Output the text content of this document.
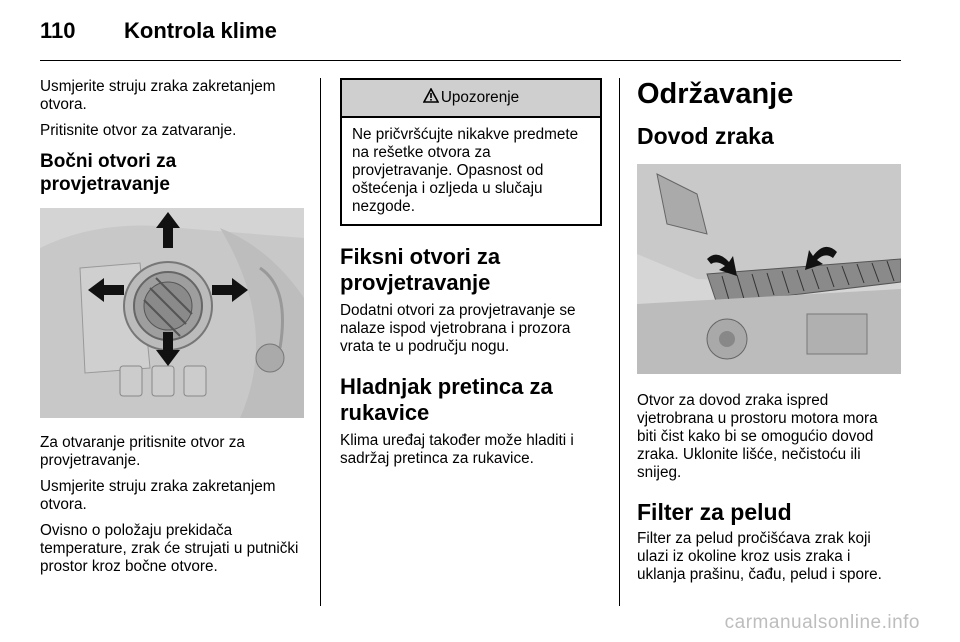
110 Kontrola klime

Usmjerite struju zraka zakretanjem otvora.

Pritisnite otvor za zatvaranje.

Bočni otvori za provjetravanje

Za otvaranje pritisnite otvor za provjetravanje.

Usmjerite struju zraka zakretanjem otvora.

Ovisno o položaju prekidača temperature, zrak će strujati u putnički prostor kroz bočne otvore.

Upozorenje

Ne pričvršćujte nikakve predmete na rešetke otvora za provjetravanje. Opasnost od oštećenja i ozljeda u slučaju nezgode.

Fiksni otvori za provjetravanje

Dodatni otvori za provjetravanje se nalaze ispod vjetrobrana i prozora vrata te u području nogu.

Hladnjak pretinca za rukavice

Klima uređaj također može hladiti i sadržaj pretinca za rukavice.

Održavanje
Dovod zraka

Otvor za dovod zraka ispred vjetrobrana u prostoru motora mora biti čist kako bi se omogućio dovod zraka. Uklonite lišće, nečistoću ili snijeg.

Filter za pelud

Filter za pelud pročišćava zrak koji ulazi iz okoline kroz usis zraka i uklanja prašinu, čađu, pelud i spore.

carmanualsonline.info
